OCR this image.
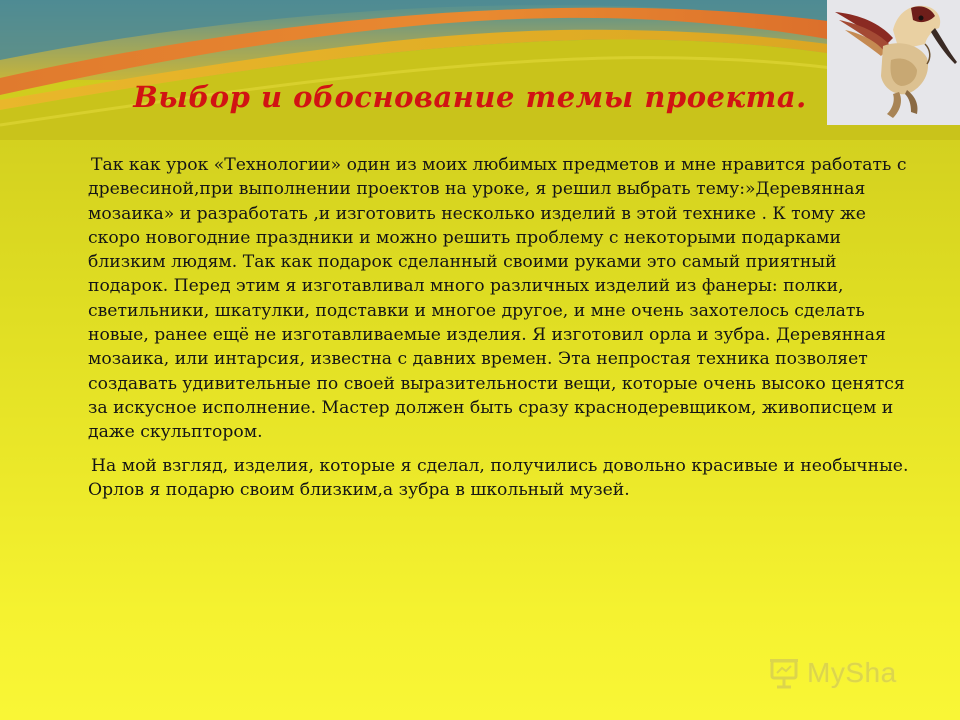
Выбор и обоснование темы проекта.

Так как урок «Технологии» один из моих любимых предметов и мне нравится работать с древесиной,при выполнении проектов на уроке, я решил выбрать тему:»Деревянная мозаика» и разработать ,и изготовить несколько изделий в этой технике . К тому же скоро новогодние праздники и можно решить проблему с некоторыми подарками близким людям. Так как подарок сделанный своими руками это самый приятный подарок. Перед этим я изготавливал много различных изделий из фанеры: полки, светильники, шкатулки, подставки и многое другое, и мне очень захотелось сделать новые, ранее ещё не изготавливаемые изделия. Я изготовил орла и зубра. Деревянная мозаика, или интарсия, известна с давних времен. Эта непростая техника позволяет создавать удивительные по своей выразительности вещи, которые очень высоко ценятся за искусное исполнение. Мастер должен быть сразу краснодеревщиком, живописцем и даже скульптором.

На мой взгляд, изделия, которые я сделал, получились довольно красивые и необычные. Орлов я подарю своим близким,а зубра в школьный музей.

MySha
